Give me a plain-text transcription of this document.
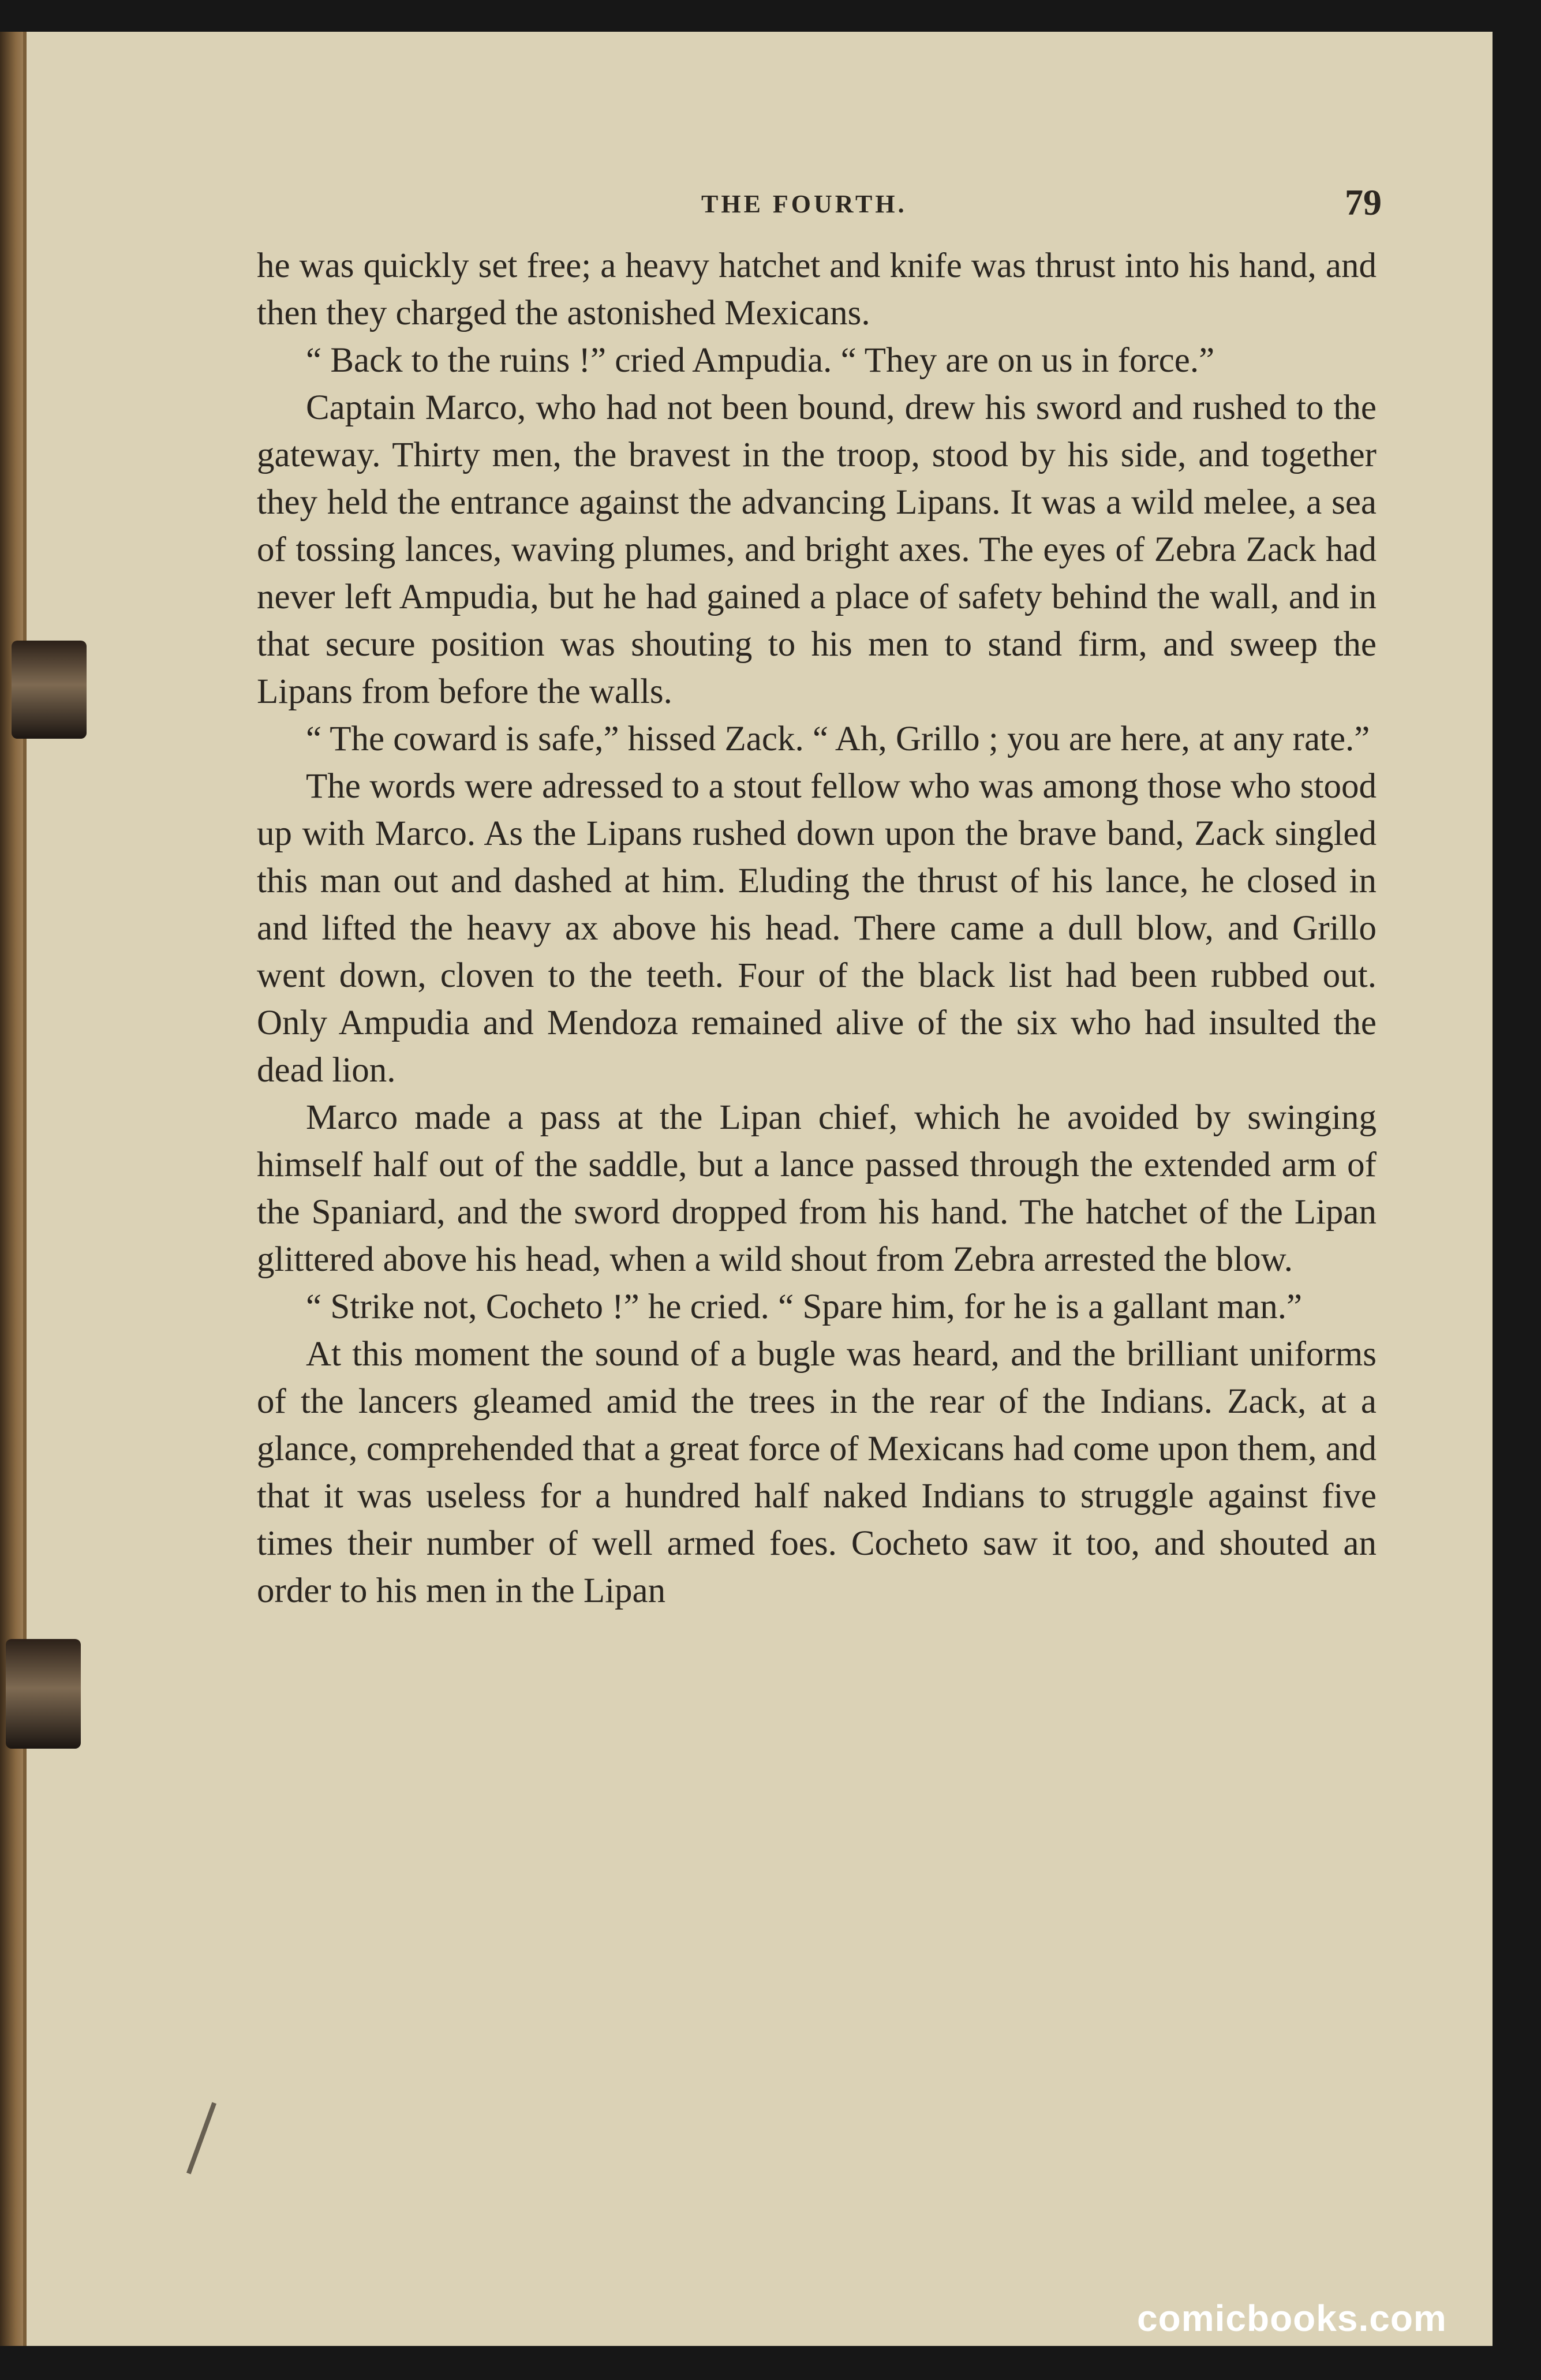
THE FOURTH.	79

he was quickly set free; a heavy hatchet and knife was thrust into his hand, and then they charged the astonished Mexicans.

“ Back to the ruins !” cried Ampudia. “ They are on us in force.”

Captain Marco, who had not been bound, drew his sword and rushed to the gateway. Thirty men, the bravest in the troop, stood by his side, and together they held the entrance against the advancing Lipans. It was a wild melee, a sea of tossing lances, waving plumes, and bright axes. The eyes of Zebra Zack had never left Ampudia, but he had gained a place of safety behind the wall, and in that secure position was shouting to his men to stand firm, and sweep the Lipans from before the walls.

“ The coward is safe,” hissed Zack. “ Ah, Grillo ; you are here, at any rate.”

The words were adressed to a stout fellow who was among those who stood up with Marco. As the Lipans rushed down upon the brave band, Zack singled this man out and dashed at him. Eluding the thrust of his lance, he closed in and lifted the heavy ax above his head. There came a dull blow, and Grillo went down, cloven to the teeth. Four of the black list had been rubbed out. Only Ampudia and Mendoza remained alive of the six who had insulted the dead lion.

Marco made a pass at the Lipan chief, which he avoided by swinging himself half out of the saddle, but a lance passed through the extended arm of the Spaniard, and the sword dropped from his hand. The hatchet of the Lipan glittered above his head, when a wild shout from Zebra arrested the blow.

“ Strike not, Cocheto !” he cried. “ Spare him, for he is a gallant man.”

At this moment the sound of a bugle was heard, and the brilliant uniforms of the lancers gleamed amid the trees in the rear of the Indians. Zack, at a glance, comprehended that a great force of Mexicans had come upon them, and that it was useless for a hundred half naked Indians to struggle against five times their number of well armed foes. Cocheto saw it too, and shouted an order to his men in the Lipan

comicbooks.com
